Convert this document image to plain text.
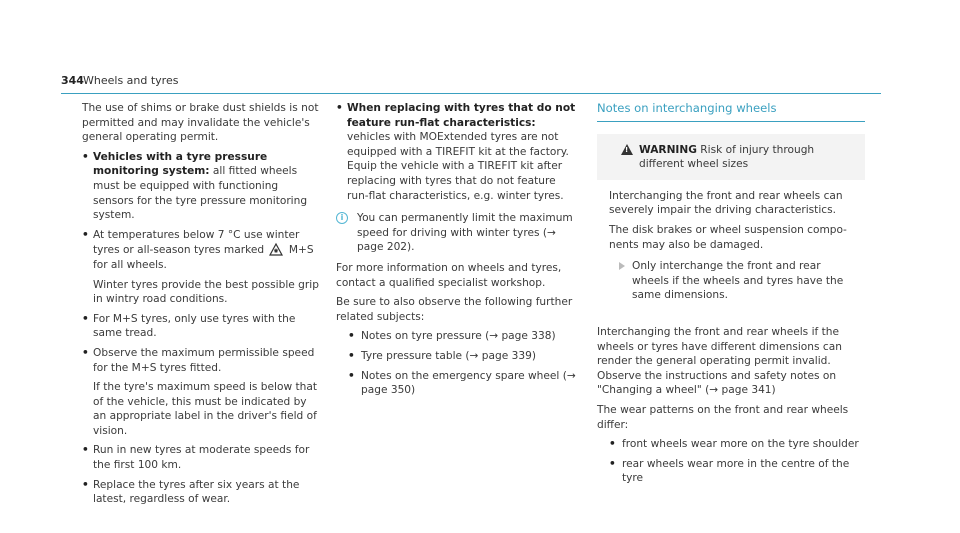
344 Wheels and tyres

The use of shims or brake dust shields is not permitted and may invalidate the vehicle's general operating permit.

• Vehicles with a tyre pressure monitoring system: all fitted wheels must be equipped with functioning sensors for the tyre pressure monitoring system.
• At temperatures below 7 °C use winter tyres or all-season tyres marked  M+S for all wheels.
Winter tyres provide the best possible grip in wintry road conditions.
• For M+S tyres, only use tyres with the same tread.
• Observe the maximum permissible speed for the M+S tyres fitted.
If the tyre's maximum speed is below that of the vehicle, this must be indicated by an appropriate label in the driver's field of vision.
• Run in new tyres at moderate speeds for the first 100 km.
• Replace the tyres after six years at the latest, regardless of wear.
• When replacing with tyres that do not feature run-flat characteristics: vehicles with MOExtended tyres are not equipped with a TIREFIT kit at the factory. Equip the vehicle with a TIREFIT kit after replacing with tyres that do not feature run-flat characteristics, e.g. winter tyres.
i	You can permanently limit the maximum speed for driving with winter tyres (→ page 202).

For more information on wheels and tyres, contact a qualified specialist workshop.

Be sure to also observe the following further related subjects:

• Notes on tyre pressure (→ page 338)
• Tyre pressure table (→ page 339)
• Notes on the emergency spare wheel (→ page 350)
Notes on interchanging wheels
! WARNING Risk of injury through different wheel sizes

Interchanging the front and rear wheels can severely impair the driving characteristics.

The disk brakes or wheel suspension components may also be damaged.

Only interchange the front and rear wheels if the wheels and tyres have the same dimensions.

Interchanging the front and rear wheels if the wheels or tyres have different dimensions can render the general operating permit invalid. Observe the instructions and safety notes on "Changing a wheel" (→ page 341)

The wear patterns on the front and rear wheels differ:

• front wheels wear more on the tyre shoulder
• rear wheels wear more in the centre of the tyre
